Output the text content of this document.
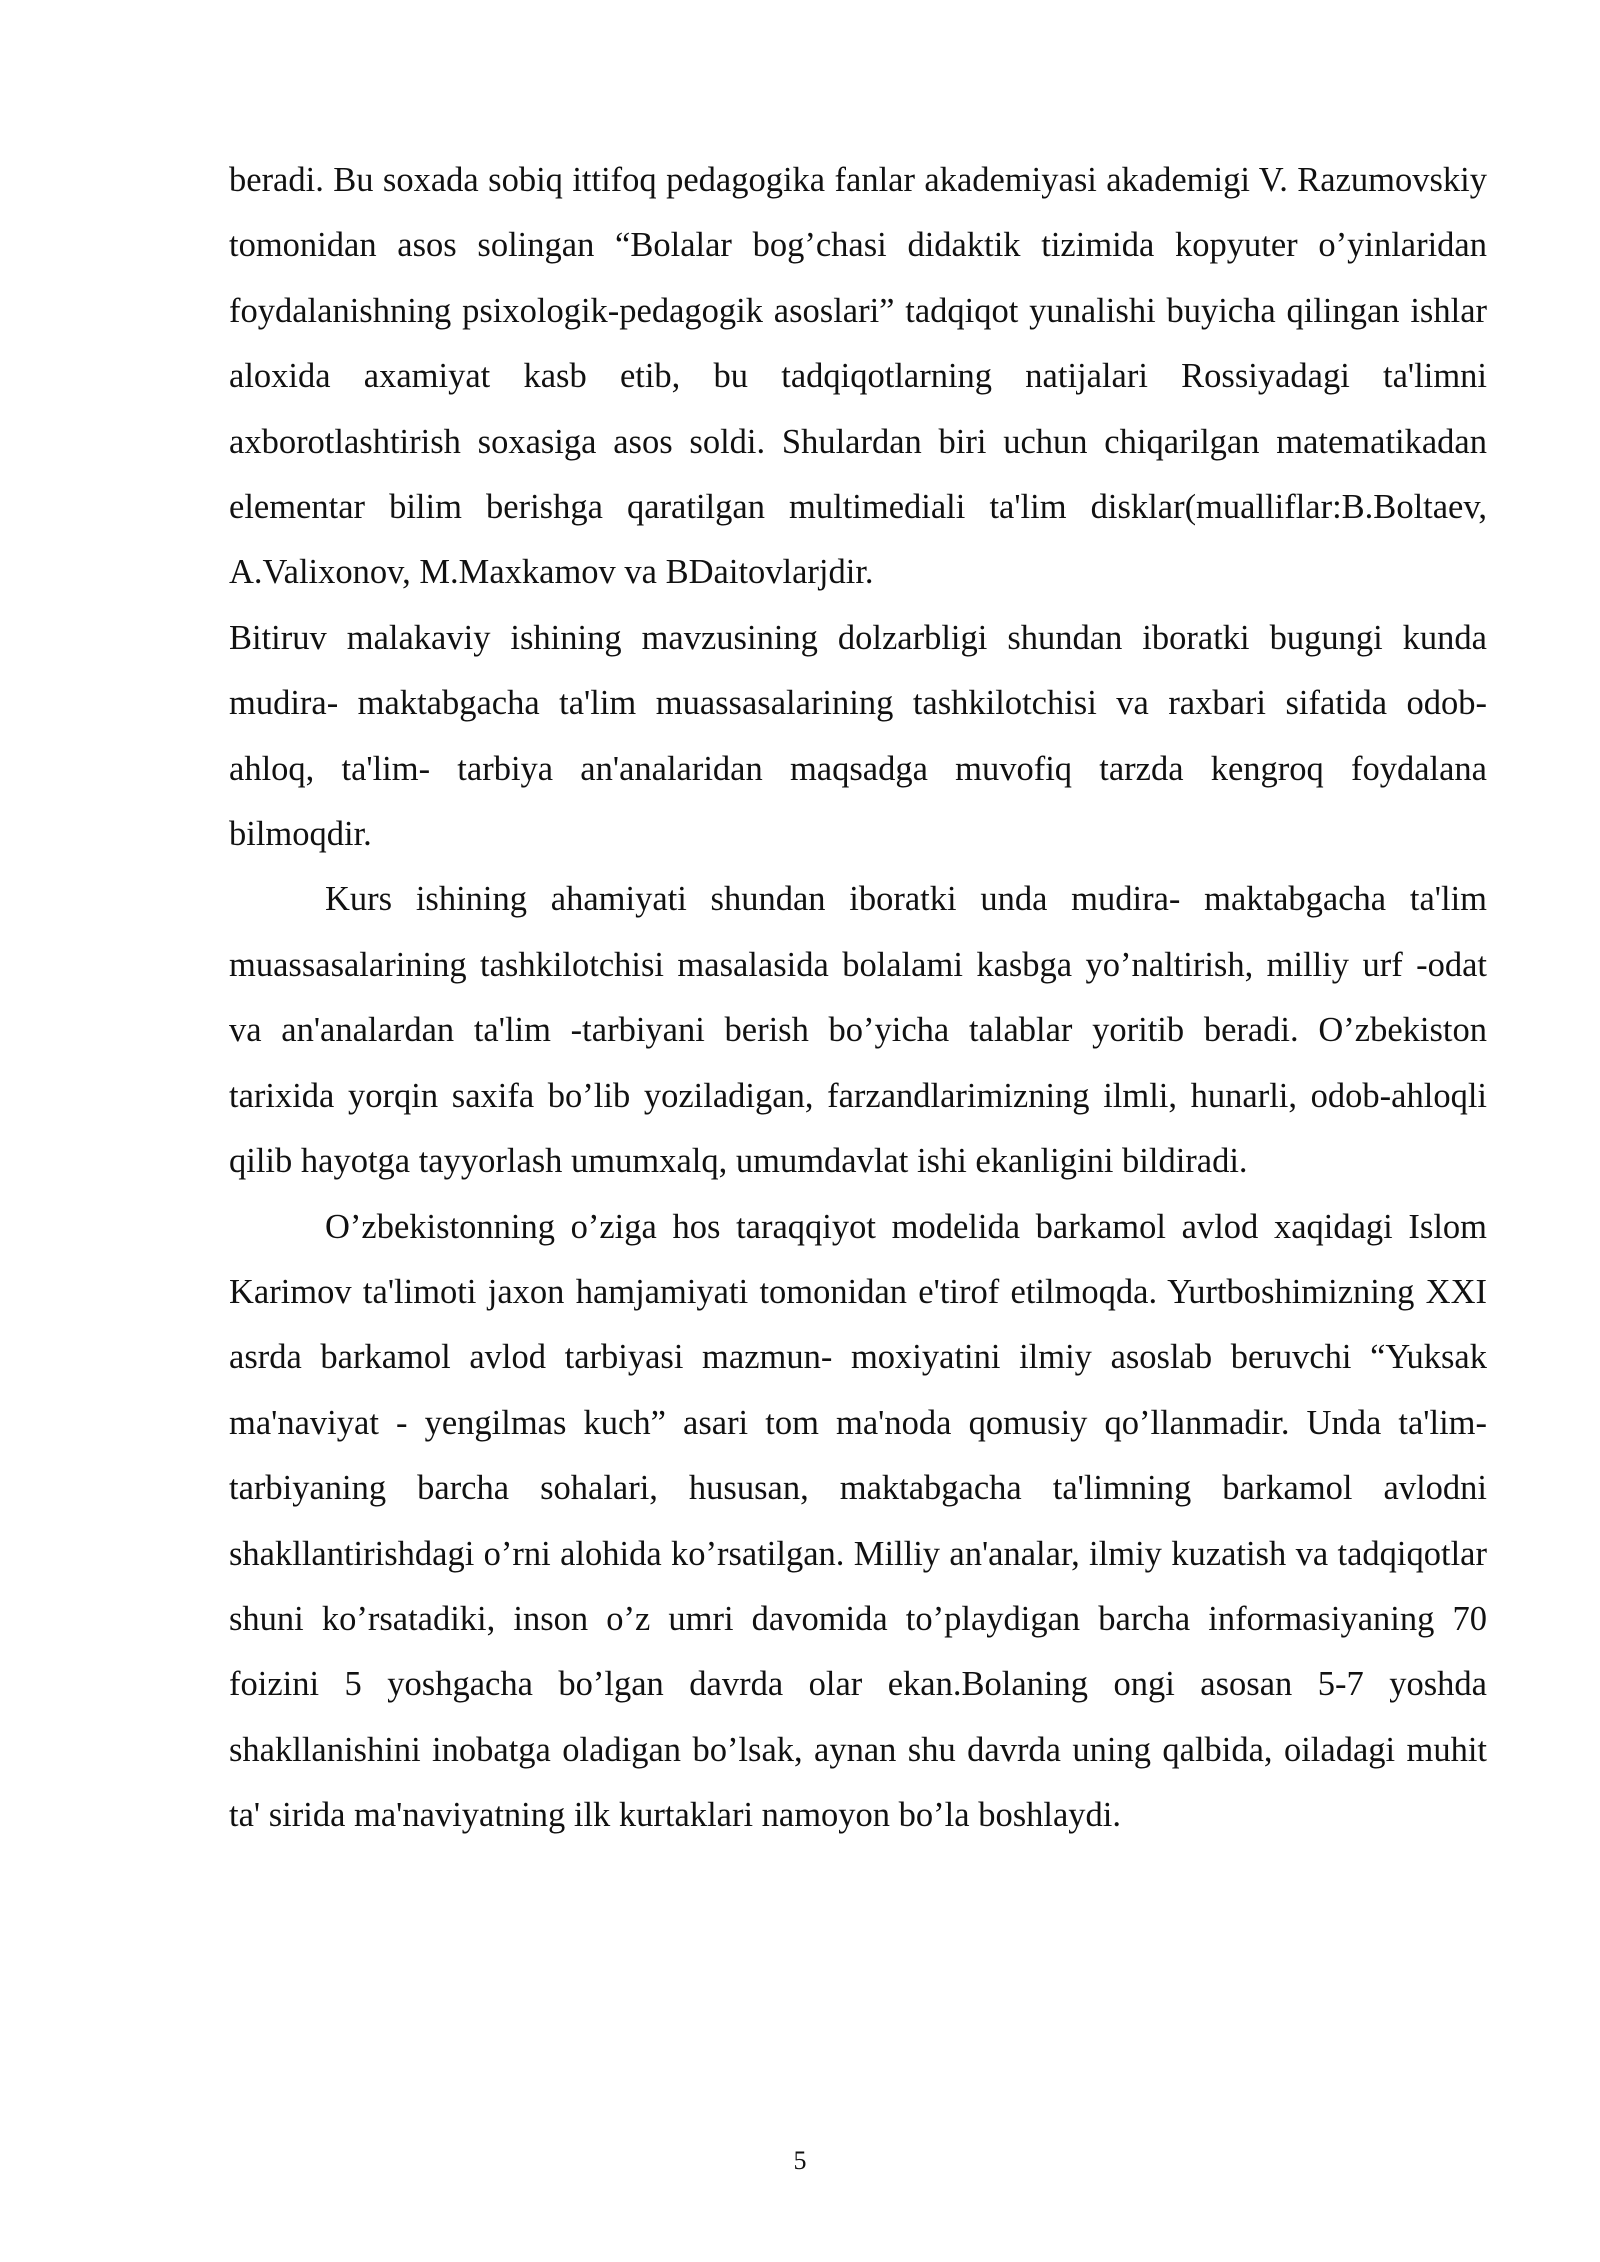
beradi. Bu soxada sobiq ittifoq pedagogika fanlar akademiyasi akademigi V. Razumovskiy tomonidan asos solingan “Bolalar bog’chasi didaktik tizimida kopyuter o’yinlaridan foydalanishning psixologik-pedagogik asoslari” tadqiqot yunalishi buyicha qilingan ishlar aloxida axamiyat kasb etib, bu tadqiqotlarning natijalari Rossiyadagi ta'limni axborotlashtirish soxasiga asos soldi. Shulardan biri uchun chiqarilgan matematikadan elementar bilim berishga qaratilgan multimediali ta'lim disklar(mualliflar:B.Boltaev, A.Valixonov, M.Maxkamov va BDaitovlarjdir.

Bitiruv malakaviy ishining mavzusining dolzarbligi shundan iboratki bugungi kunda mudira- maktabgacha ta'lim muassasalarining tashkilotchisi va raxbari sifatida odob- ahloq, ta'lim- tarbiya an'analaridan maqsadga muvofiq tarzda kengroq foydalana bilmoqdir.

Kurs ishining ahamiyati shundan iboratki unda mudira- maktabgacha ta'lim muassasalarining tashkilotchisi masalasida bolalami kasbga yo’naltirish, milliy urf -odat va an'analardan ta'lim -tarbiyani berish bo’yicha talablar yoritib beradi. O’zbekiston tarixida yorqin saxifa bo’lib yoziladigan, farzandlarimizning ilmli, hunarli, odob-ahloqli qilib hayotga tayyorlash umumxalq, umumdavlat ishi ekanligini bildiradi.

O’zbekistonning o’ziga hos taraqqiyot modelida barkamol avlod xaqidagi Islom Karimov ta'limoti jaxon hamjamiyati tomonidan e'tirof etilmoqda. Yurtboshimizning XXI asrda barkamol avlod tarbiyasi mazmun- moxiyatini ilmiy asoslab beruvchi “Yuksak ma'naviyat - yengilmas kuch” asari tom ma'noda qomusiy qo’llanmadir. Unda ta'lim-tarbiyaning barcha sohalari, hususan, maktabgacha ta'limning barkamol avlodni shakllantirishdagi o’rni alohida ko’rsatilgan. Milliy an'analar, ilmiy kuzatish va tadqiqotlar shuni ko’rsatadiki, inson o’z umri davomida to’playdigan barcha informasiyaning 70 foizini 5 yoshgacha bo’lgan davrda olar ekan.Bolaning ongi asosan 5-7 yoshda shakllanishini inobatga oladigan bo’lsak, aynan shu davrda uning qalbida, oiladagi muhit ta' sirida ma'naviyatning ilk kurtaklari namoyon bo’la boshlaydi.

5
